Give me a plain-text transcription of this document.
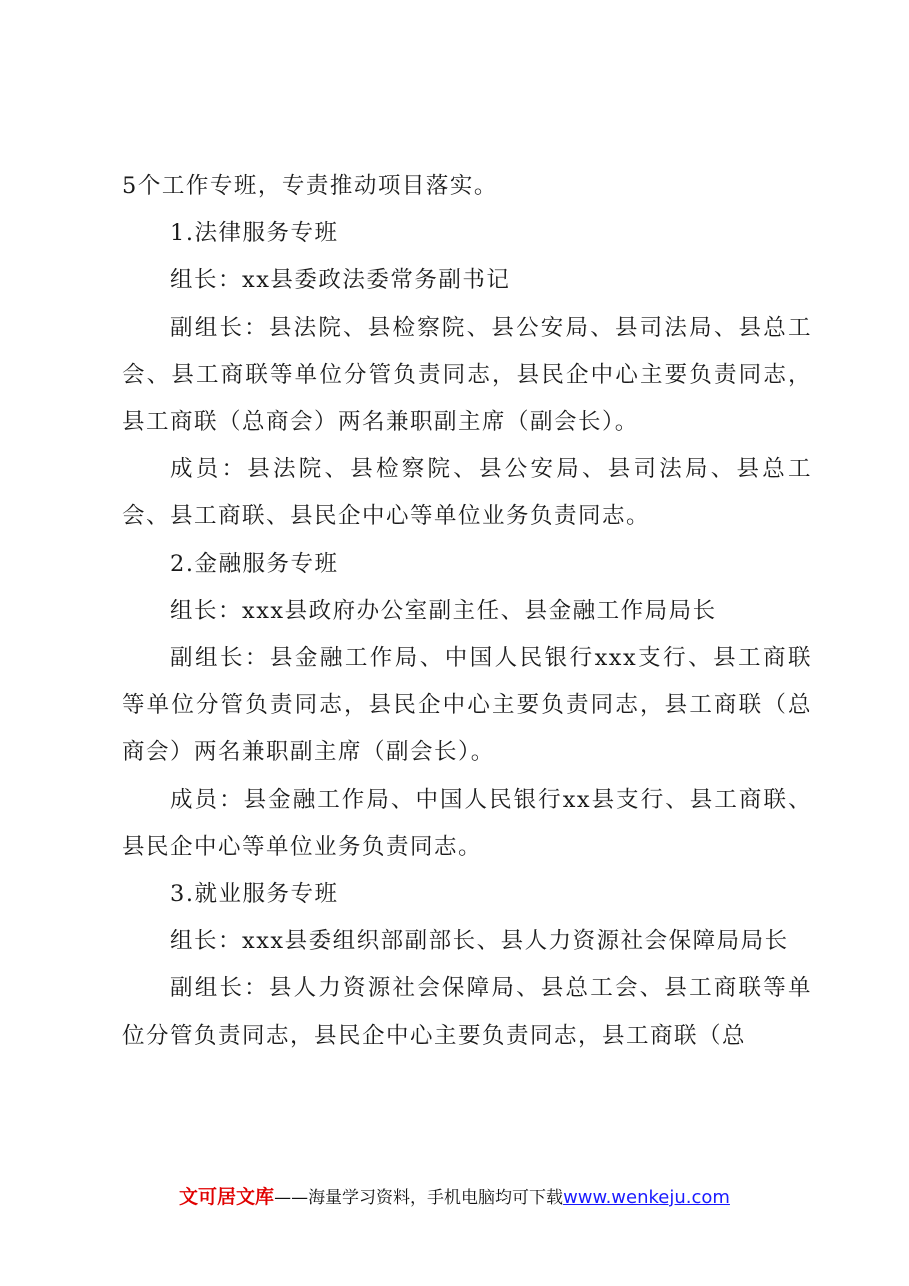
5个工作专班，专责推动项目落实。

1.法律服务专班

组长：xx县委政法委常务副书记

副组长：县法院、县检察院、县公安局、县司法局、县总工会、县工商联等单位分管负责同志，县民企中心主要负责同志，县工商联（总商会）两名兼职副主席（副会长）。

成员：县法院、县检察院、县公安局、县司法局、县总工会、县工商联、县民企中心等单位业务负责同志。

2.金融服务专班

组长：xxx县政府办公室副主任、县金融工作局局长

副组长：县金融工作局、中国人民银行xxx支行、县工商联等单位分管负责同志，县民企中心主要负责同志，县工商联（总商会）两名兼职副主席（副会长）。

成员：县金融工作局、中国人民银行xx县支行、县工商联、县民企中心等单位业务负责同志。

3.就业服务专班

组长：xxx县委组织部副部长、县人力资源社会保障局局长

副组长：县人力资源社会保障局、县总工会、县工商联等单位分管负责同志，县民企中心主要负责同志，县工商联（总

文可居文库——海量学习资料，手机电脑均可下载www.wenkeju.com
